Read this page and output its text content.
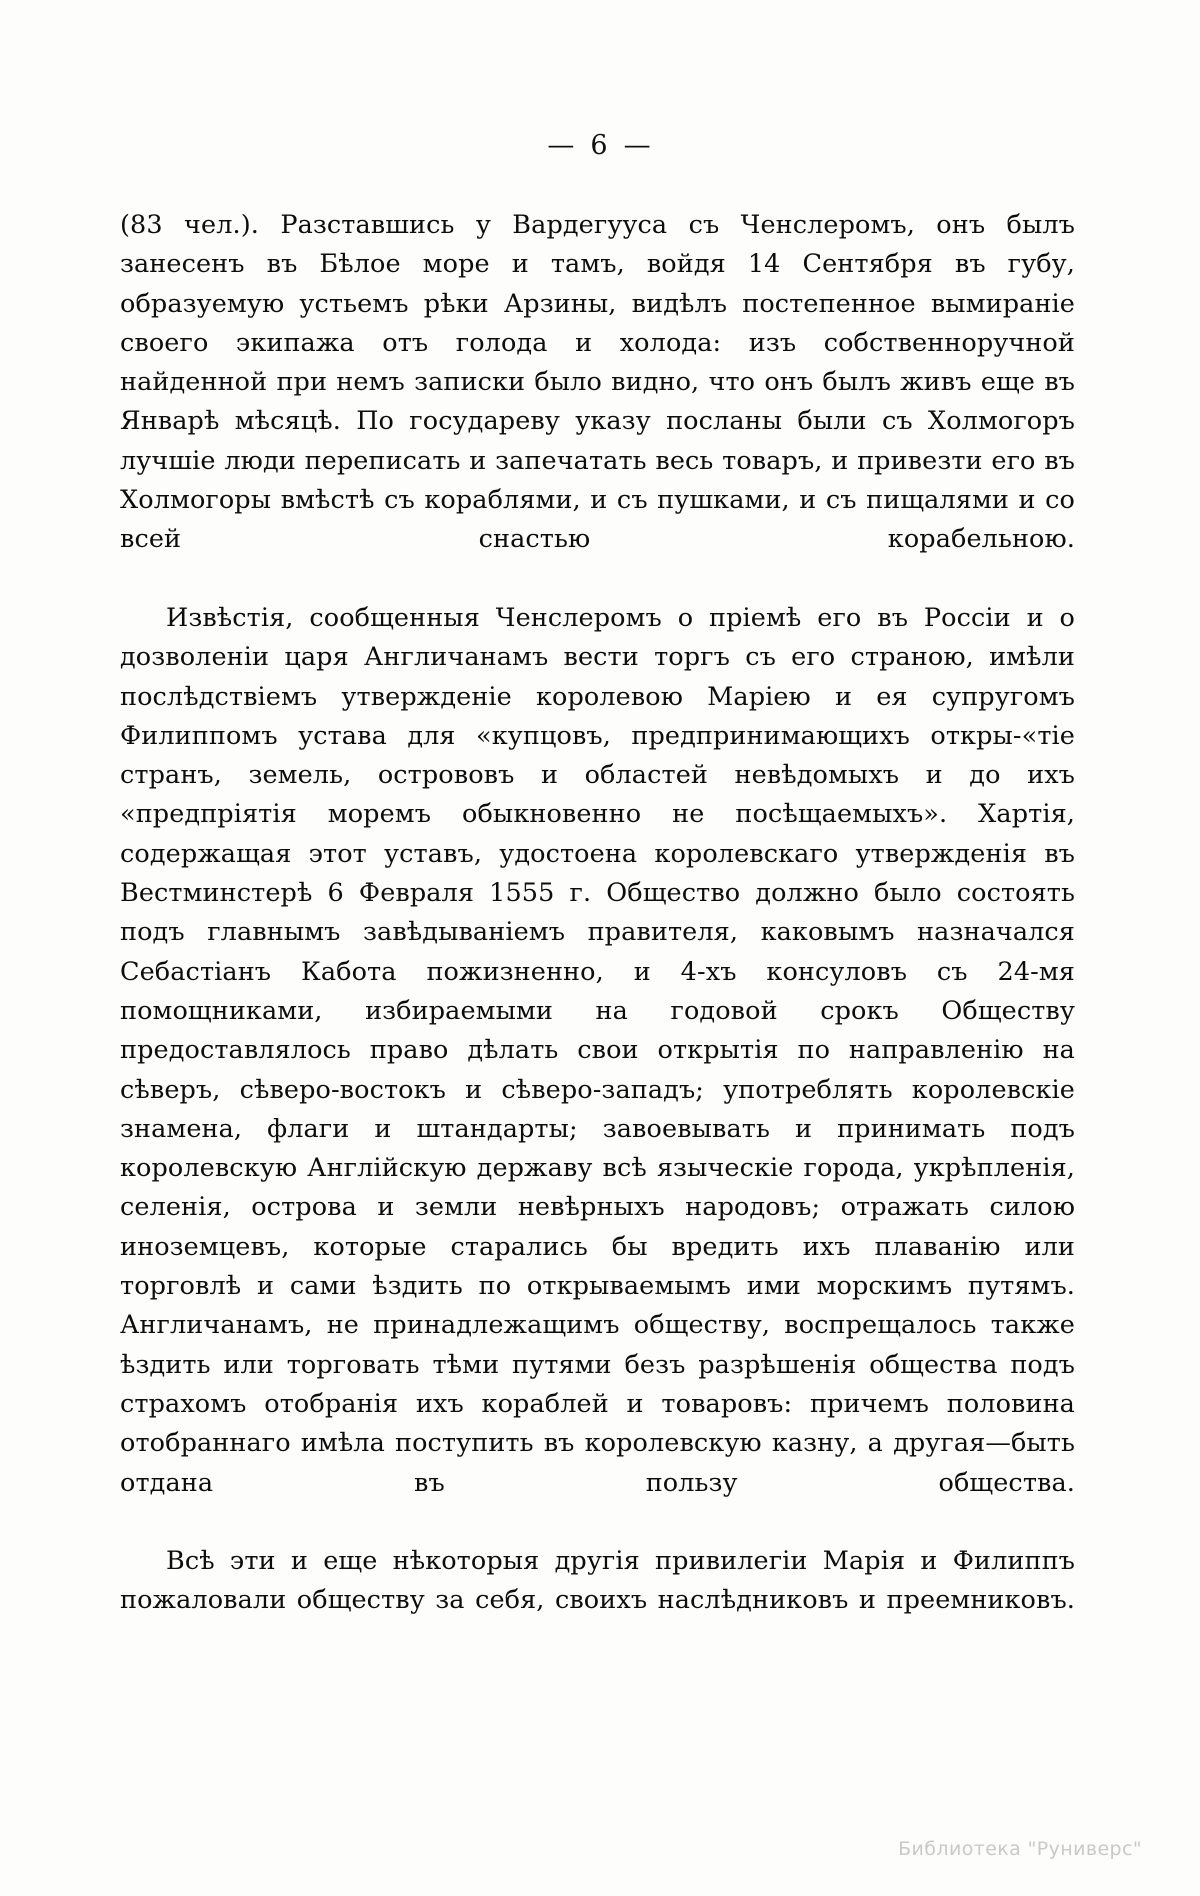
— 6 —

(83 чел.). Разставшись у Вардегууса съ Ченслеромъ, онъ былъ занесенъ въ Бѣлое море и тамъ, войдя 14 Сентября въ губу, образуемую устьемъ рѣки Арзины, видѣлъ постепенное вымираніе своего экипажа отъ голода и холода: изъ собственноручной найденной при немъ записки было видно, что онъ былъ живъ еще въ Январѣ мѣсяцѣ. По государеву указу посланы были съ Холмогоръ лучшіе люди переписать и запечатать весь товаръ, и привезти его въ Холмогоры вмѣстѣ съ кораблями, и съ пушками, и съ пищалями и со всей снастью корабельною.

Извѣстія, сообщенныя Ченслеромъ о пріемѣ его въ Россіи и о дозволеніи царя Англичанамъ вести торгъ съ его страною, имѣли послѣдствіемъ утвержденіе королевою Маріею и ея супругомъ Филиппомъ устава для «купцовъ, предпринимающихъ откры-«тіе странъ, земель, острововъ и областей невѣдомыхъ и до ихъ «предпріятія моремъ обыкновенно не посѣщаемыхъ». Хартія, содержащая этот уставъ, удостоена королевскаго утвержденія въ Вестминстерѣ 6 Февраля 1555 г. Общество должно было состоять подъ главнымъ завѣдываніемъ правителя, каковымъ назначался Себастіанъ Кабота пожизненно, и 4-хъ консуловъ съ 24-мя помощниками, избираемыми на годовой срокъ Обществу предоставлялось право дѣлать свои открытія по направленію на сѣверъ, сѣверо-востокъ и сѣверо-западъ; употреблять королевскіе знамена, флаги и штандарты; завоевывать и принимать подъ королевскую Англійскую державу всѣ языческіе города, укрѣпленія, селенія, острова и земли невѣрныхъ народовъ; отражать силою иноземцевъ, которые старались бы вредить ихъ плаванію или торговлѣ и сами ѣздить по открываемымъ ими морскимъ путямъ. Англичанамъ, не принадлежащимъ обществу, воспрещалось также ѣздить или торговать тѣми путями безъ разрѣшенія общества подъ страхомъ отобранія ихъ кораблей и товаровъ: причемъ половина отобраннаго имѣла поступить въ королевскую казну, а другая—быть отдана въ пользу общества.

Всѣ эти и еще нѣкоторыя другія привилегіи Марія и Филиппъ пожаловали обществу за себя, своихъ наслѣдниковъ и преемниковъ.

Библиотека "Руниверс"
